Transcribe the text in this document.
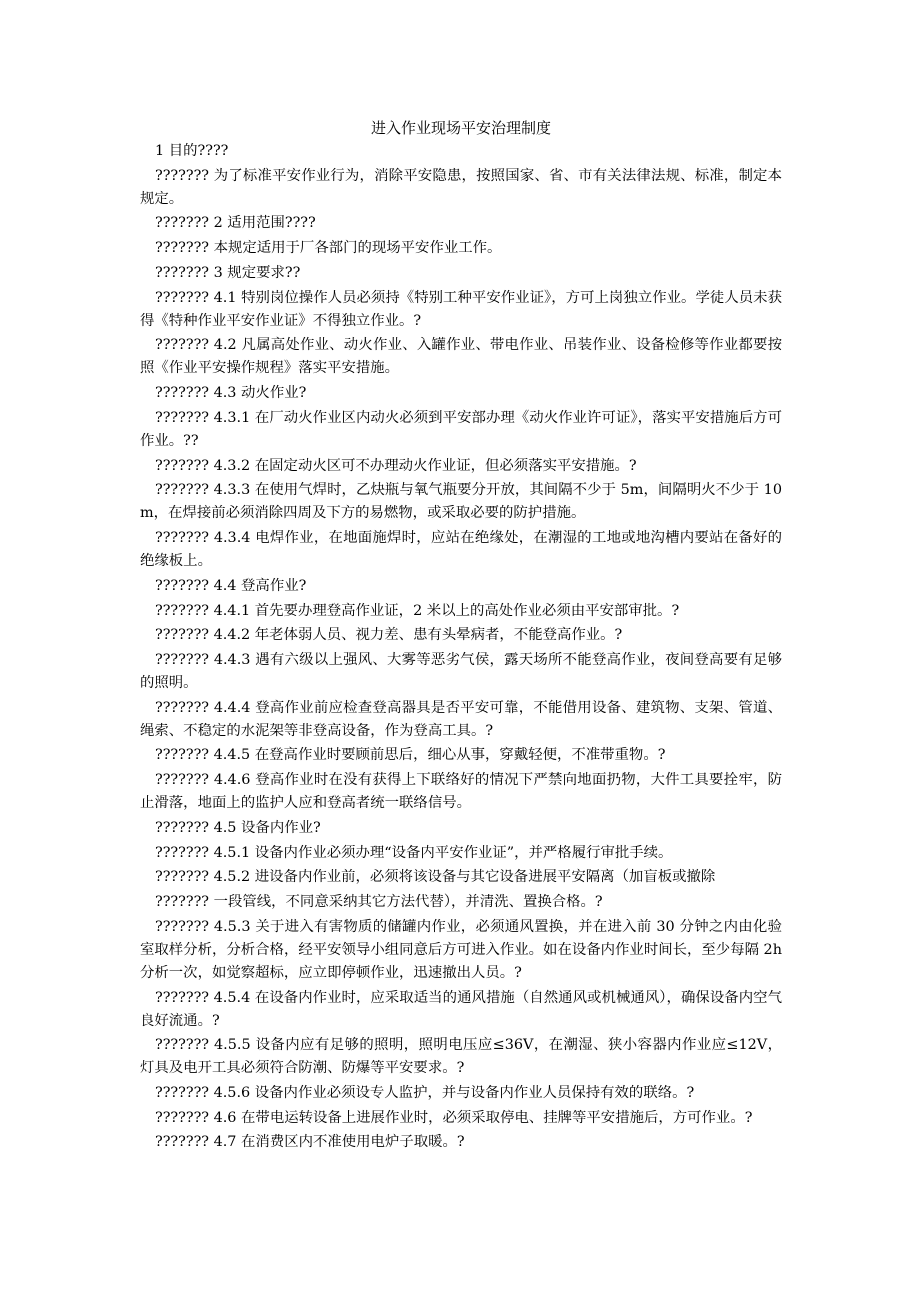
进入作业现场平安治理制度
1 目的????
??????? 为了标准平安作业行为，消除平安隐患，按照国家、省、市有关法律法规、标准，制定本规定。
??????? 2 适用范围????
??????? 本规定适用于厂各部门的现场平安作业工作。
??????? 3 规定要求??
??????? 4.1 特别岗位操作人员必须持《特别工种平安作业证》，方可上岗独立作业。学徒人员未获得《特种作业平安作业证》不得独立作业。?
??????? 4.2 凡属高处作业、动火作业、入罐作业、带电作业、吊装作业、设备检修等作业都要按照《作业平安操作规程》落实平安措施。
??????? 4.3 动火作业?
??????? 4.3.1 在厂动火作业区内动火必须到平安部办理《动火作业许可证》，落实平安措施后方可作业。??
??????? 4.3.2 在固定动火区可不办理动火作业证，但必须落实平安措施。?
??????? 4.3.3 在使用气焊时，乙炔瓶与氧气瓶要分开放，其间隔不少于 5m，间隔明火不少于 10m，在焊接前必须消除四周及下方的易燃物，或采取必要的防护措施。
??????? 4.3.4 电焊作业，在地面施焊时，应站在绝缘处，在潮湿的工地或地沟槽内要站在备好的绝缘板上。
??????? 4.4 登高作业?
??????? 4.4.1 首先要办理登高作业证，2 米以上的高处作业必须由平安部审批。?
??????? 4.4.2 年老体弱人员、视力差、患有头晕病者，不能登高作业。?
??????? 4.4.3 遇有六级以上强风、大雾等恶劣气侯，露天场所不能登高作业，夜间登高要有足够的照明。
??????? 4.4.4 登高作业前应检查登高器具是否平安可靠，不能借用设备、建筑物、支架、管道、绳索、不稳定的水泥架等非登高设备，作为登高工具。?
??????? 4.4.5 在登高作业时要顾前思后，细心从事，穿戴轻便，不准带重物。?
??????? 4.4.6 登高作业时在没有获得上下联络好的情况下严禁向地面扔物，大件工具要拴牢，防止滑落，地面上的监护人应和登高者统一联络信号。
??????? 4.5 设备内作业?
??????? 4.5.1 设备内作业必须办理“设备内平安作业证”，并严格履行审批手续。
??????? 4.5.2 进设备内作业前，必须将该设备与其它设备进展平安隔离（加盲板或撤除
??????? 一段管线，不同意采纳其它方法代替），并清洗、置换合格。?
??????? 4.5.3 关于进入有害物质的储罐内作业，必须通风置换，并在进入前 30 分钟之内由化验室取样分析，分析合格，经平安领导小组同意后方可进入作业。如在设备内作业时间长，至少每隔 2h 分析一次，如觉察超标，应立即停顿作业，迅速撤出人员。?
??????? 4.5.4 在设备内作业时，应采取适当的通风措施（自然通风或机械通风），确保设备内空气良好流通。?
??????? 4.5.5 设备内应有足够的照明，照明电压应≤36V，在潮湿、狭小容器内作业应≤12V，灯具及电开工具必须符合防潮、防爆等平安要求。?
??????? 4.5.6 设备内作业必须设专人监护，并与设备内作业人员保持有效的联络。?
??????? 4.6 在带电运转设备上进展作业时，必须采取停电、挂牌等平安措施后，方可作业。?
??????? 4.7 在消费区内不准使用电炉子取暖。?
